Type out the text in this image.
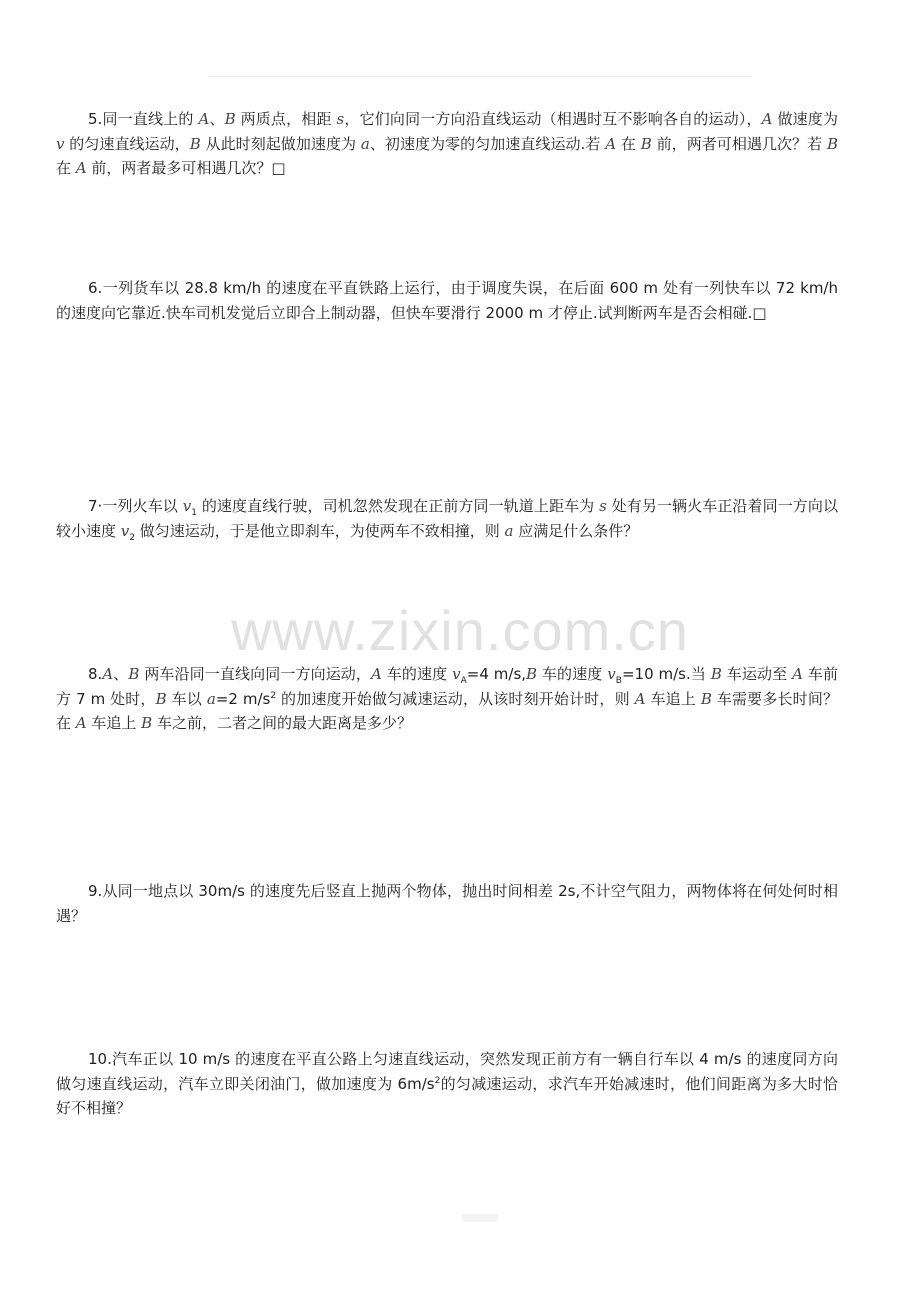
5.同一直线上的 A、B 两质点，相距 s，它们向同一方向沿直线运动（相遇时互不影响各自的运动），A 做速度为 v 的匀速直线运动，B 从此时刻起做加速度为 a、初速度为零的匀加速直线运动.若 A 在 B 前，两者可相遇几次？若 B 在 A 前，两者最多可相遇几次？□

6.一列货车以 28.8 km/h 的速度在平直铁路上运行，由于调度失误，在后面 600 m 处有一列快车以 72 km/h 的速度向它靠近.快车司机发觉后立即合上制动器，但快车要滑行 2000 m 才停止.试判断两车是否会相碰.□

7·一列火车以 $v_1$ 的速度直线行驶，司机忽然发现在正前方同一轨道上距车为 s 处有另一辆火车正沿着同一方向以较小速度 $v_2$ 做匀速运动，于是他立即刹车，为使两车不致相撞，则 a 应满足什么条件？

www.zixin.com.cn

8.A、B 两车沿同一直线向同一方向运动，A 车的速度 $v_A=4$ m/s,B 车的速度 $v_B=10$ m/s.当 B 车运动至 A 车前方 7 m 处时，B 车以 a=2 $m/s^2$ 的加速度开始做匀减速运动，从该时刻开始计时，则 A 车追上 B 车需要多长时间？在 A 车追上 B 车之前，二者之间的最大距离是多少？

9.从同一地点以 30m/s 的速度先后竖直上抛两个物体，抛出时间相差 2s,不计空气阻力，两物体将在何处何时相遇？

10.汽车正以 10 m/s 的速度在平直公路上匀速直线运动，突然发现正前方有一辆自行车以 4 m/s 的速度同方向做匀速直线运动，汽车立即关闭油门，做加速度为 $6m/s^2$的匀减速运动，求汽车开始减速时，他们间距离为多大时恰好不相撞？
